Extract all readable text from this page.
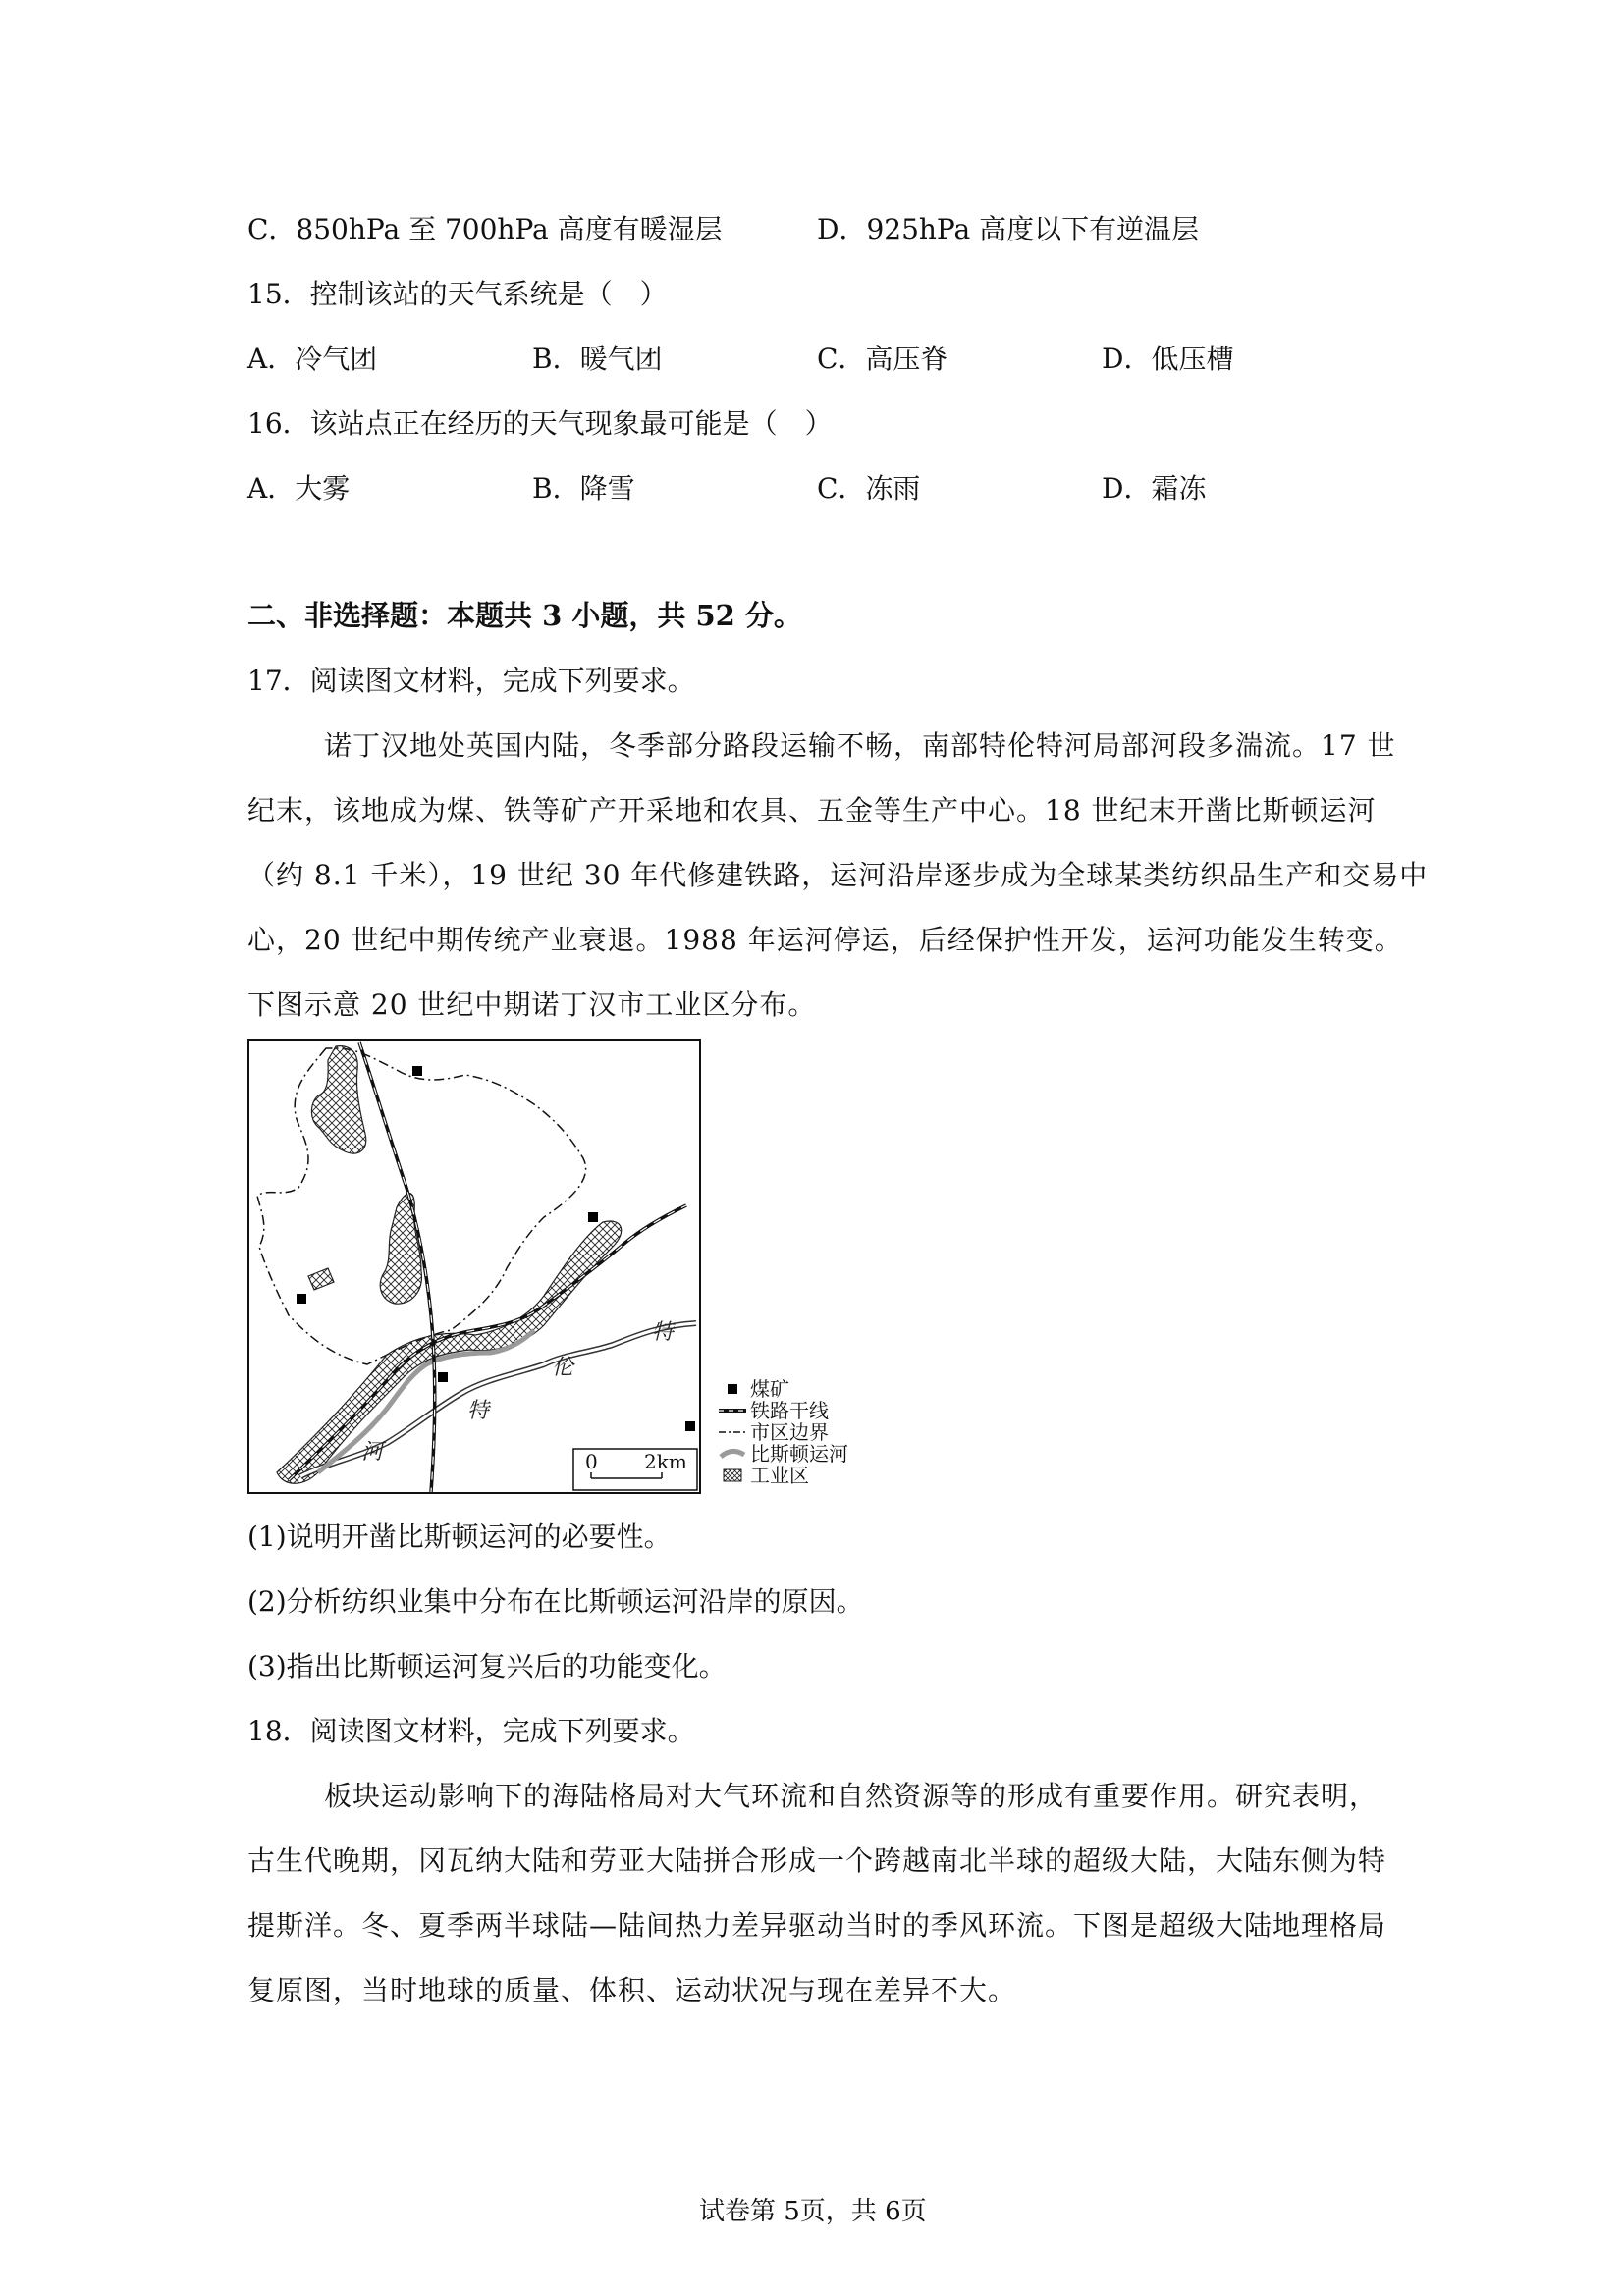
C．850hPa 至 700hPa 高度有暖湿层	D．925hPa 高度以下有逆温层
15．控制该站的天气系统是（　）
A．冷气团	B．暖气团	C．高压脊	D．低压槽
16．该站点正在经历的天气现象最可能是（　）
A．大雾	B．降雪	C．冻雨	D．霜冻
二、非选择题：本题共 3 小题，共 52 分。
17．阅读图文材料，完成下列要求。
诺丁汉地处英国内陆，冬季部分路段运输不畅，南部特伦特河局部河段多湍流。17 世
纪末，该地成为煤、铁等矿产开采地和农具、五金等生产中心。18 世纪末开凿比斯顿运河
（约 8.1 千米），19 世纪 30 年代修建铁路，运河沿岸逐步成为全球某类纺织品生产和交易中
心，20 世纪中期传统产业衰退。1988 年运河停运，后经保护性开发，运河功能发生转变。
下图示意 20 世纪中期诺丁汉市工业区分布。
特
伦
特
河	0 2km
煤矿
铁路干线
市区边界
比斯顿运河
工业区
(1)说明开凿比斯顿运河的必要性。
(2)分析纺织业集中分布在比斯顿运河沿岸的原因。
(3)指出比斯顿运河复兴后的功能变化。
18．阅读图文材料，完成下列要求。
板块运动影响下的海陆格局对大气环流和自然资源等的形成有重要作用。研究表明，
古生代晚期，冈瓦纳大陆和劳亚大陆拼合形成一个跨越南北半球的超级大陆，大陆东侧为特
提斯洋。冬、夏季两半球陆—陆间热力差异驱动当时的季风环流。下图是超级大陆地理格局
复原图，当时地球的质量、体积、运动状况与现在差异不大。
试卷第 5页，共 6页
